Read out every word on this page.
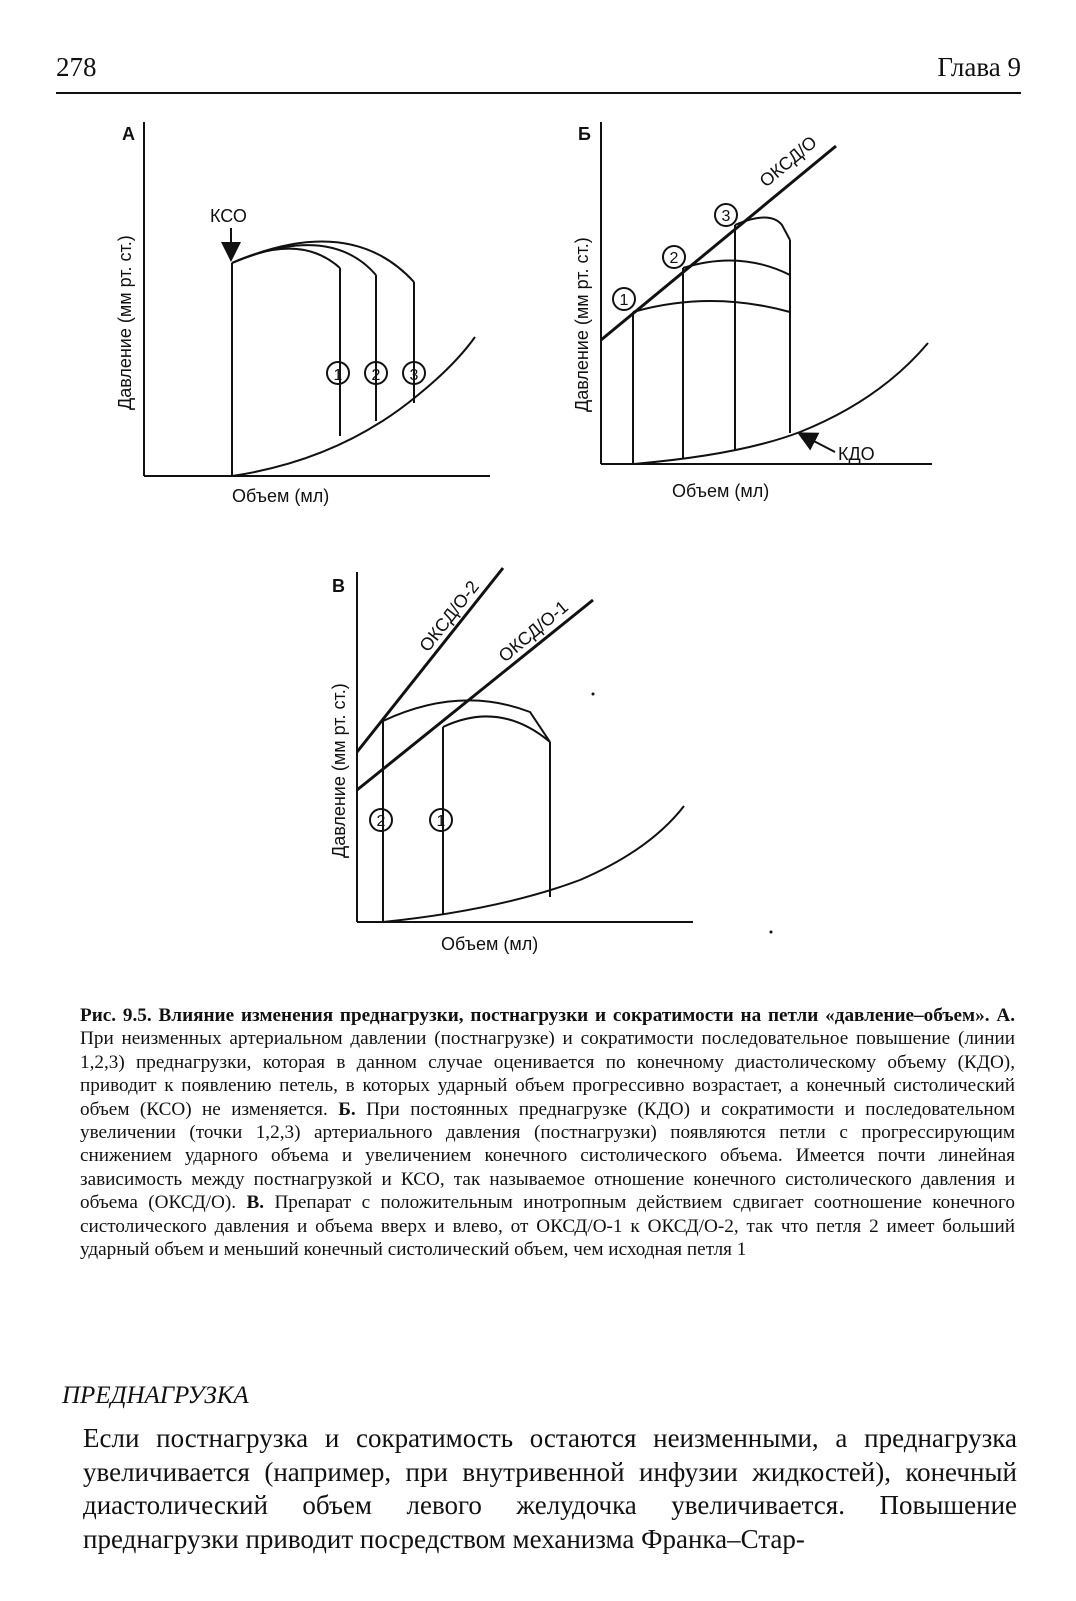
278	Глава 9
А
Давление (мм рт. ст.)
Объем (мл)
КСО
1 2 3
Б
Давление (мм рт. ст.)
Объем (мл)
ОКСД/О
КДО
1
2
3
В
Давление (мм рт. ст.)
Объем (мл)
ОКСД/О-2 ОКСД/О-1
2	1
Рис. 9.5. Влияние изменения преднагрузки, постнагрузки и сократимости на петли «давление–объем». А. При неизменных артериальном давлении (постнагрузке) и сократимости последовательное повышение (линии 1,2,3) преднагрузки, которая в данном случае оценивается по конечному диастолическому объему (КДО), приводит к появлению петель, в которых ударный объем прогрессивно возрастает, а конечный систолический объем (КСО) не изменяется. Б. При постоянных преднагрузке (КДО) и сократимости и последовательном увеличении (точки 1,2,3) артериального давления (постнагрузки) появляются петли с прогрессирующим снижением ударного объема и увеличением конечного систолического объема. Имеется почти линейная зависимость между постнагрузкой и КСО, так называемое отношение конечного систолического давления и объема (ОКСД/О). В. Препарат с положительным инотропным действием сдвигает соотношение конечного систолического давления и объема вверх и влево, от ОКСД/О-1 к ОКСД/О-2, так что петля 2 имеет больший ударный объем и меньший конечный систолический объем, чем исходная петля 1
ПРЕДНАГРУЗКА
Если постнагрузка и сократимость остаются неизменными, а преднагрузка увеличивается (например, при внутривенной инфузии жидкостей), конечный диастолический объем левого желудочка увеличивается. Повышение преднагрузки приводит посредством механизма Франка–Стар-
